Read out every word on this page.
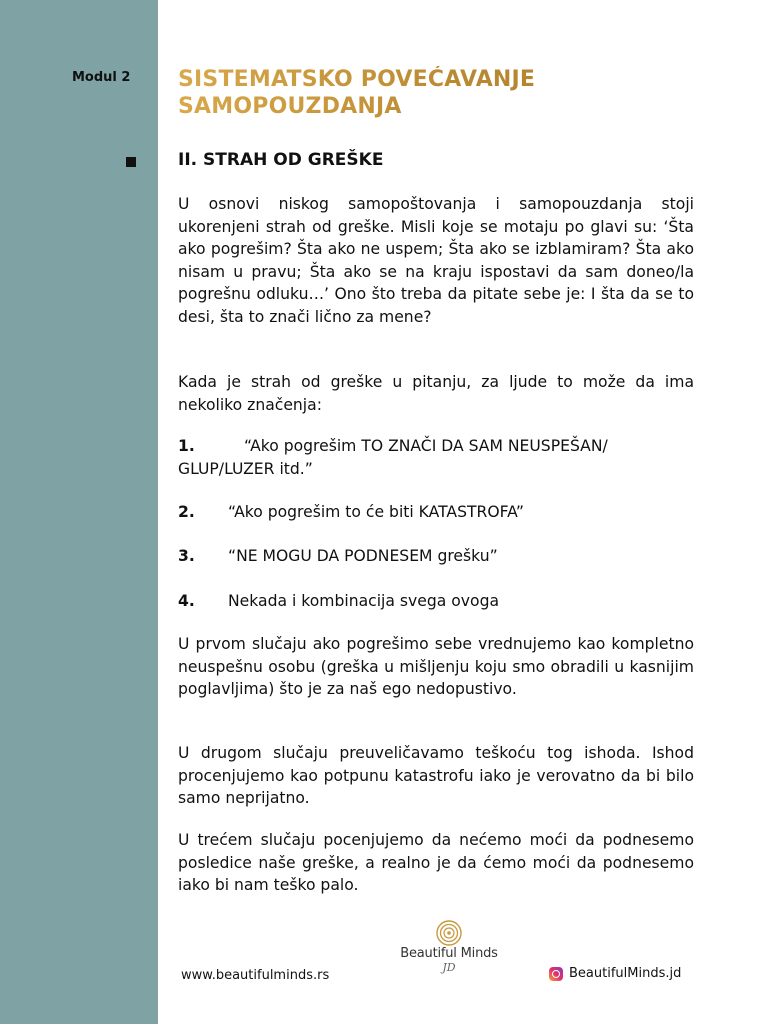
Modul 2	SISTEMATSKO POVEĆAVANJE
SAMOPOUZDANJA
II. STRAH OD GREŠKE

U osnovi niskog samopoštovanja i samopouzdanja stoji ukorenjeni strah od greške. Misli koje se motaju po glavi su: ‘Šta ako pogrešim? Šta ako ne uspem; Šta ako se izblamiram? Šta ako nisam u pravu; Šta ako se na kraju ispostavi da sam doneo/la pogrešnu odluku…’ Ono što treba da pitate sebe je: I šta da se to desi, šta to znači lično za mene?

Kada je strah od greške u pitanju, za ljude to može da ima nekoliko značenja:

1.	“Ako pogrešim TO ZNAČI DA SAM NEUSPEŠAN/ GLUP/LUZER itd.”
2. “Ako pogrešim to će biti KATASTROFA”
3. “NE MOGU DA PODNESEM grešku”
4. Nekada i kombinacija svega ovoga

U prvom slučaju ako pogrešimo sebe vrednujemo kao kompletno neuspešnu osobu (greška u mišljenju koju smo obradili u kasnijim poglavljima) što je za naš ego nedopustivo.

U drugom slučaju preuveličavamo teškoću tog ishoda. Ishod procenjujemo kao potpunu katastrofu iako je verovatno da bi bilo samo neprijatno.

U trećem slučaju pocenjujemo da nećemo moći da podnesemo posledice naše greške, a realno je da ćemo moći da podnesemo iako bi nam teško palo.

www.beautifulminds.rs
Beautiful Minds
JD	BeautifulMinds.jd
